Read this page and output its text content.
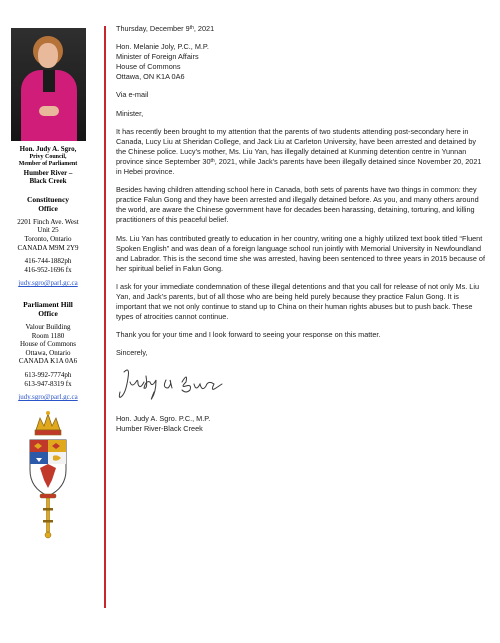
Hon. Judy A. Sgro,
Privy Council,
Member of Parliament
Humber River –
Black Creek
Constituency
Office
2201 Finch Ave. West
Unit 25
Toronto, Ontario
CANADA M9M 2Y9
416-744-1882ph
416-952-1696 fx
judy.sgro@parl.gc.ca
Parliament Hill
Office
Valour Building
Room 1180
House of Commons
Ottawa, Ontario
CANADA K1A 0A6
613-992-7774ph
613-947-8319 fx
judy.sgro@parl.gc.ca

Thursday, December 9th, 2021

Hon. Melanie Joly, P.C., M.P.
Minister of Foreign Affairs
House of Commons
Ottawa, ON K1A 0A6

Via e-mail

Minister,

It has recently been brought to my attention that the parents of two students attending post-secondary here in Canada, Lucy Liu at Sheridan College, and Jack Liu at Carleton University, have been arrested and detained by the Chinese police. Lucy’s mother, Ms. Liu Yan, has illegally detained at Kunming detention centre in Yunnan province since September 30th, 2021, while Jack’s parents have been illegally detained since November 20, 2021 in Hebei province.

Besides having children attending school here in Canada, both sets of parents have two things in common: they practice Falun Gong and they have been arrested and illegally detained before. As you, and many others around the world, are aware the Chinese government have for decades been harassing, detaining, torturing, and killing practitioners of this peaceful belief.

Ms. Liu Yan has contributed greatly to education in her country, writing one a highly utilized text book titled “Fluent Spoken English” and was dean of a foreign language school run jointly with Memorial University in Newfoundland and Labrador. This is the second time she was arrested, having been sentenced to three years in 2015 because of her spiritual belief in Falun Gong.

I ask for your immediate condemnation of these illegal detentions and that you call for release of not only Ms. Liu Yan, and Jack’s parents, but of all those who are being held purely because they practice Falun Gong. It is important that we not only continue to stand up to China on their human rights abuses but to push back. These types of atrocities cannot continue.

Thank you for your time and I look forward to seeing your response on this matter.

Sincerely,

Hon. Judy A. Sgro. P.C., M.P.
Humber River-Black Creek
